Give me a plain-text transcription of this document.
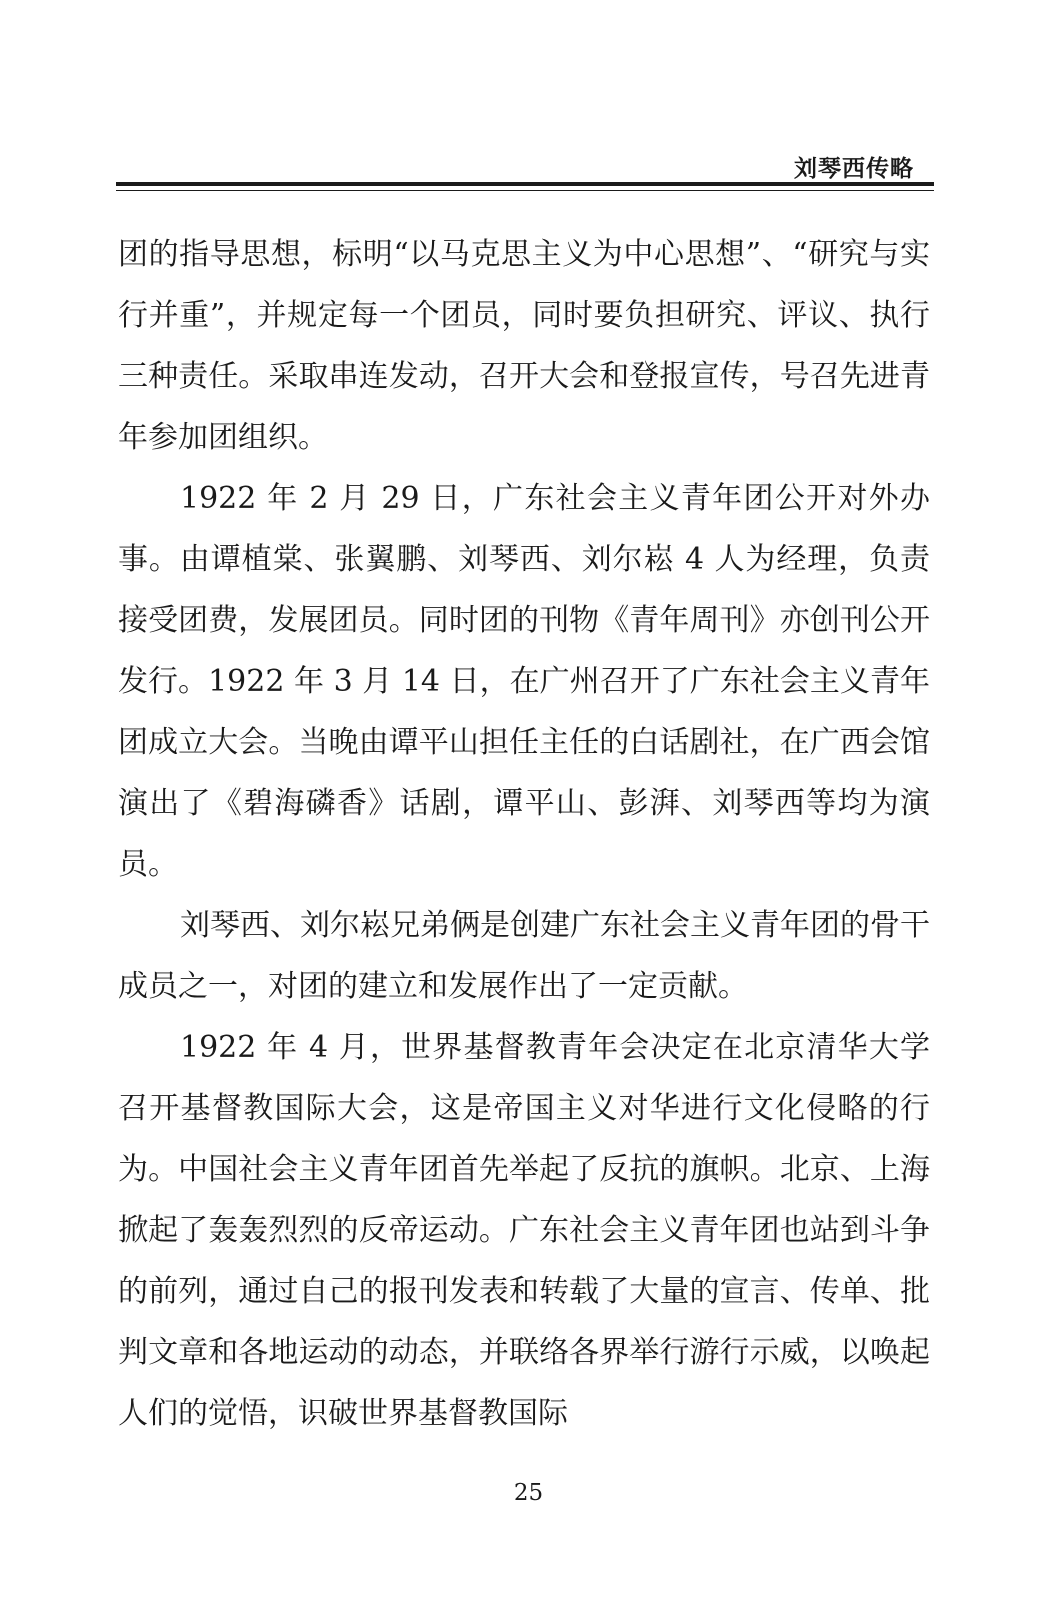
刘琴西传略

团的指导思想，标明“以马克思主义为中心思想”、“研究与实行并重”，并规定每一个团员，同时要负担研究、评议、执行三种责任。采取串连发动，召开大会和登报宣传，号召先进青年参加团组织。

1922 年 2 月 29 日，广东社会主义青年团公开对外办事。由谭植棠、张翼鹏、刘琴西、刘尔崧 4 人为经理，负责接受团费，发展团员。同时团的刊物《青年周刊》亦创刊公开发行。1922 年 3 月 14 日，在广州召开了广东社会主义青年团成立大会。当晚由谭平山担任主任的白话剧社，在广西会馆演出了《碧海磷香》话剧，谭平山、彭湃、刘琴西等均为演员。

刘琴西、刘尔崧兄弟俩是创建广东社会主义青年团的骨干成员之一，对团的建立和发展作出了一定贡献。

1922 年 4 月，世界基督教青年会决定在北京清华大学召开基督教国际大会，这是帝国主义对华进行文化侵略的行为。中国社会主义青年团首先举起了反抗的旗帜。北京、上海掀起了轰轰烈烈的反帝运动。广东社会主义青年团也站到斗争的前列，通过自己的报刊发表和转载了大量的宣言、传单、批判文章和各地运动的动态，并联络各界举行游行示威，以唤起人们的觉悟，识破世界基督教国际

25
